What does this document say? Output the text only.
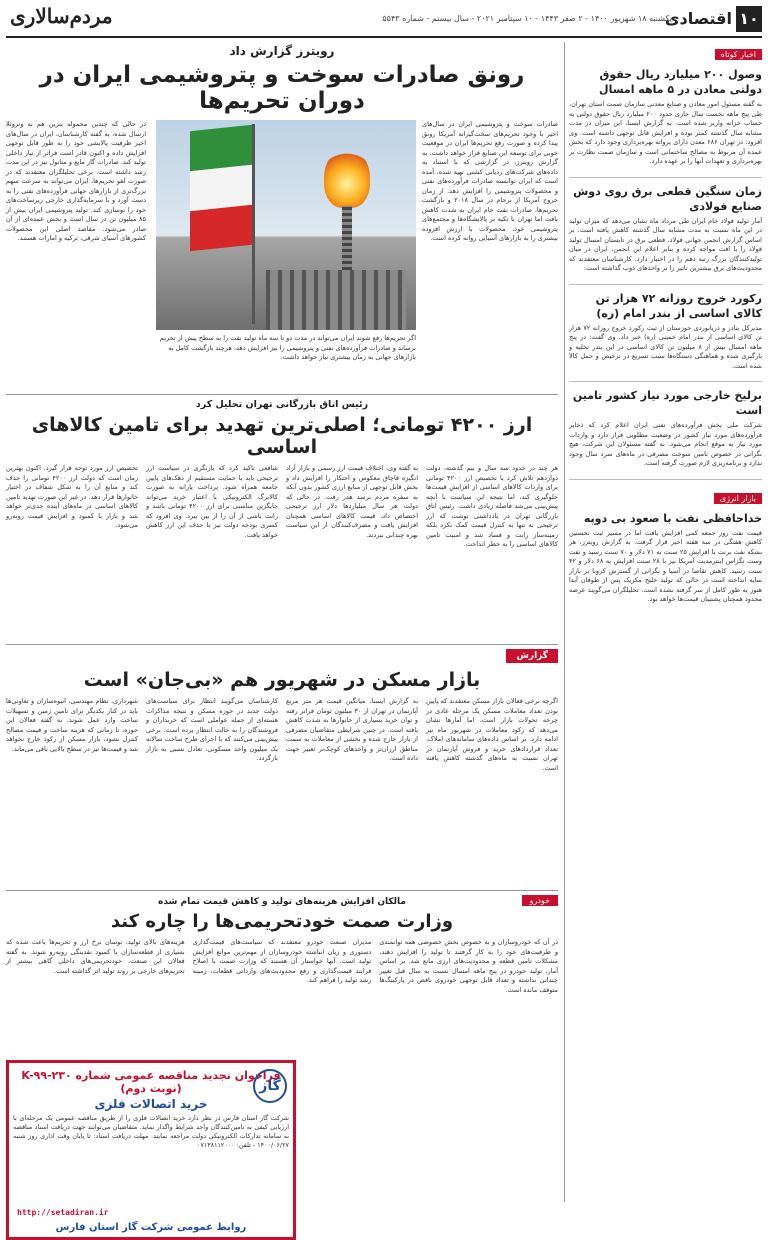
۱۰
اقتصادی
یکشنبه ۱۸ شهریور ۱۴۰۰ - ۲ صفر ۱۴۴۳ - ۱۰ سپتامبر ۲۰۲۱ - سال بیستم - شماره ۵۵۴۳
مردم‌سالاری
اخبار کوتاه
وصول ۲۰۰ میلیارد ریال حقوق دولتی معادن در ۵ ماهه امسال
به گفته مسئول امور معادن و صنایع معدنی سازمان صمت استان تهران، طی پنج ماهه نخست سال جاری حدود ۲۰۰ میلیارد ریال حقوق دولتی به حساب خزانه واریز شده است. به گزارش ایسنا، این میزان در مدت مشابه سال گذشته کمتر بوده و افزایش قابل توجهی داشته است. وی افزود: در تهران ۶۸۶ معدن دارای پروانه بهره‌برداری وجود دارد که بخش عمده آن مربوط به مصالح ساختمانی است و سازمان صمت نظارت بر بهره‌برداری و تعهدات آنها را بر عهده دارد.
زمان سنگین قطعی برق روی دوش صنایع فولادی
آمار تولید فولاد خام ایران طی مرداد ماه نشان می‌دهد که میزان تولید در این ماه نسبت به مدت مشابه سال گذشته کاهش یافته است. بر اساس گزارش انجمن جهانی فولاد، قطعی برق در تابستان امسال تولید فولاد را با افت مواجه کرده و بنابر اعلام این انجمن، ایران در میان تولیدکنندگان بزرگ رتبه دهم را در اختیار دارد. کارشناسان معتقدند که محدودیت‌های برق بیشترین تاثیر را بر واحدهای ذوب گذاشته است.
رکورد خروج روزانه ۷۲ هزار تن کالای اساسی از بندر امام (ره)
مدیرکل بنادر و دریانوردی خوزستان از ثبت رکورد خروج روزانه ۷۲ هزار تن کالای اساسی از بندر امام خمینی (ره) خبر داد. وی گفت: در پنج ماهه امسال بیش از ۸ میلیون تن کالای اساسی در این بندر تخلیه و بارگیری شده و هماهنگی دستگاه‌ها سبب تسریع در ترخیص و حمل کالا شده است.
برلیخ خارجی مورد نیاز کشور تامین است
شرکت ملی پخش فرآورده‌های نفتی ایران اعلام کرد که ذخایر فرآورده‌های مورد نیاز کشور در وضعیت مطلوبی قرار دارد و واردات مورد نیاز به موقع انجام می‌شود. به گفته مسئولان این شرکت، هیچ نگرانی در خصوص تامین سوخت مصرفی در ماه‌های سرد سال وجود ندارد و برنامه‌ریزی لازم صورت گرفته است.
بازار انرژی
خداحافظی نفت با صعود بی دوپه
قیمت نفت روز جمعه کمی افزایش یافت اما در مسیر ثبت نخستین کاهش هفتگی در سه هفته اخیر قرار گرفت. به گزارش رویترز، هر بشکه نفت برنت با افزایش ۲۵ سنت به ۷۱ دلار و ۷۰ سنت رسید و نفت وست تگزاس اینترمدیت آمریکا نیز با ۲۸ سنت افزایش به ۶۸ دلار و ۴۲ سنت رسید. کاهش تقاضا در آسیا و نگرانی از گسترش کرونا بر بازار سایه انداخته است در حالی که تولید خلیج مکزیک پس از طوفان آیدا هنوز به طور کامل از سر گرفته نشده است. تحلیلگران می‌گویند عرضه محدود همچنان پشتیبان قیمت‌ها خواهد بود.
رویترز گزارش داد
رونق صادرات سوخت و پتروشیمی ایران در دوران تحریم‌ها
صادرات سوخت و پتروشیمی ایران در سال‌های اخیر با وجود تحریم‌های سخت‌گیرانه آمریکا رونق پیدا کرده و صورت رفع تحریم‌ها ایران در موقعیت خوبی برای توسعه این صنایع قرار خواهد داشت. به گزارش رویترز، در گزارشی که با استناد به داده‌های شرکت‌های ردیابی کشتی تهیه شده، آمده است که ایران توانسته صادرات فرآورده‌های نفتی و محصولات پتروشیمی را افزایش دهد. از زمان خروج آمریکا از برجام در سال ۲۰۱۸ و بازگشت تحریم‌ها، صادرات نفت خام ایران به شدت کاهش یافت اما تهران با تکیه بر پالایشگاه‌ها و مجتمع‌های پتروشیمی خود، محصولات با ارزش افزوده بیشتری را به بازارهای آسیایی روانه کرده است.
اگر تحریم‌ها رفع شوند ایران می‌تواند در مدت دو تا سه ماه تولید نفت را به سطح پیش از تحریم برساند و صادرات فرآورده‌های نفتی و پتروشیمی را نیز افزایش دهد، هرچند بازگشت کامل به بازارهای جهانی به زمان بیشتری نیاز خواهد داشت.
در حالی که چندین محموله بنزین هم به ونزوئلا ارسال شده، به گفته کارشناسان، ایران در سال‌های اخیر ظرفیت پالایشی خود را به طور قابل توجهی افزایش داده و اکنون قادر است فراتر از نیاز داخلی تولید کند. صادرات گاز مایع و متانول نیز در این مدت رشد داشته است. برخی تحلیلگران معتقدند که در صورت لغو تحریم‌ها، ایران می‌تواند به سرعت سهم بزرگ‌تری از بازارهای جهانی فرآورده‌های نفتی را به دست آورد و با سرمایه‌گذاری خارجی زیرساخت‌های خود را نوسازی کند. تولید پتروشیمی ایران بیش از ۸۵ میلیون تن در سال است و بخش عمده‌ای از آن صادر می‌شود. مقاصد اصلی این محصولات کشورهای آسیای شرقی، ترکیه و امارات هستند.
رئیس اتاق بازرگانی تهران تحلیل کرد
ارز ۴۲۰۰ تومانی؛ اصلی‌ترین تهدید برای تامین کالاهای اساسی
هر چند در حدود سه سال و نیم گذشته، دولت دوازدهم تلاش کرد با تخصیص ارز ۴۲۰۰ تومانی برای واردات کالاهای اساسی از افزایش قیمت‌ها جلوگیری کند، اما نتیجه این سیاست با آنچه پیش‌بینی می‌شد فاصله زیادی داشت. رئیس اتاق بازرگانی تهران در یادداشتی نوشت که ارز ترجیحی نه تنها به کنترل قیمت کمک نکرد بلکه زمینه‌ساز رانت و فساد شد و امنیت تامین کالاهای اساسی را به خطر انداخت.
به گفته وی، اختلاف قیمت ارز رسمی و بازار آزاد انگیزه قاچاق معکوس و احتکار را افزایش داد و بخش قابل توجهی از منابع ارزی کشور بدون آنکه به سفره مردم برسد هدر رفت. در حالی که دولت هر سال میلیاردها دلار ارز ترجیحی اختصاص داد، قیمت کالاهای اساسی همچنان افزایش یافت و مصرف‌کنندگان از این سیاست بهره چندانی نبردند.
شافعی تاکید کرد که بازنگری در سیاست ارز ترجیحی باید با حمایت مستقیم از دهک‌های پایین جامعه همراه شود. پرداخت یارانه به صورت کالابرگ الکترونیکی یا اعتبار خرید می‌تواند جایگزین مناسبی برای ارز ۴۲۰۰ تومانی باشد و رانت ناشی از آن را از بین ببرد. وی افزود که کسری بودجه دولت نیز با حذف این ارز کاهش خواهد یافت.
تخصیص ارز مورد توجه قرار گیرد. اکنون بهترین زمان است که دولت ارز ۴۲۰۰ تومانی را حذف کند و منابع آن را به شکل شفاف در اختیار خانوارها قرار دهد. در غیر این صورت تهدید تامین کالاهای اساسی در ماه‌های آینده جدی‌تر خواهد شد و بازار با کمبود و افزایش قیمت روبه‌رو می‌شود.
گزارش
بازار مسکن در شهریور هم «بی‌جان» است
اگرچه برخی فعالان بازار مسکن معتقدند که پایین بودن تعداد معاملات مسکن یک مرحله عادی در چرخه تحولات بازار است، اما آمارها نشان می‌دهد که رکود معاملات در شهریور ماه نیز ادامه دارد. بر اساس داده‌های سامانه‌های املاک، تعداد قراردادهای خرید و فروش آپارتمان در تهران نسبت به ماه‌های گذشته کاهش یافته است.
به گزارش ایسنا، میانگین قیمت هر متر مربع آپارتمان در تهران از ۳۰ میلیون تومان فراتر رفته و توان خرید بسیاری از خانوارها به شدت کاهش یافته است. در چنین شرایطی متقاضیان مصرفی از بازار خارج شده و بخشی از معاملات به سمت مناطق ارزان‌تر و واحدهای کوچک‌تر تغییر جهت داده است.
کارشناسان می‌گویند انتظار برای سیاست‌های دولت جدید در حوزه مسکن و نتیجه مذاکرات هسته‌ای از جمله عواملی است که خریداران و فروشندگان را به حالت انتظار برده است. برخی پیش‌بینی می‌کنند که با اجرای طرح ساخت سالانه یک میلیون واحد مسکونی، تعادل نسبی به بازار بازگردد.
شهرداری، نظام مهندسی، انبوه‌سازان و تعاونی‌ها باید در کنار یکدیگر برای تامین زمین و تسهیلات ساخت وارد عمل شوند. به گفته فعالان این حوزه، تا زمانی که هزینه ساخت و قیمت مصالح کنترل نشود، بازار مسکن از رکود خارج نخواهد شد و قیمت‌ها نیز در سطح بالایی باقی می‌ماند.
خودرو
مالکان افزایش هزینه‌های تولید و کاهش قیمت تمام شده
وزارت صمت خودتحریمی‌ها را چاره کند
در آن که خودروسازان و به خصوص بخش خصوصی همه توانمندی و ظرفیت‌های خود را به کار گرفتند تا تولید را افزایش دهند، مشکلات تامین قطعه و محدودیت‌های ارزی مانع شد. بر اساس آمار، تولید خودرو در پنج ماهه امسال نسبت به سال قبل تغییر چندانی نداشته و تعداد قابل توجهی خودروی ناقص در پارکینگ‌ها متوقف مانده است.
مدیران صنعت خودرو معتقدند که سیاست‌های قیمت‌گذاری دستوری و زیان انباشته خودروسازان از مهم‌ترین موانع افزایش تولید است. آنها خواستار آن هستند که وزارت صمت با اصلاح فرایند قیمت‌گذاری و رفع محدودیت‌های وارداتی قطعات، زمینه رشد تولید را فراهم کند.
هزینه‌های بالای تولید، نوسان نرخ ارز و تحریم‌ها باعث شده که بسیاری از قطعه‌سازان با کمبود نقدینگی روبه‌رو شوند. به گفته فعالان این صنعت، خودتحریمی‌های داخلی گاهی بیشتر از تحریم‌های خارجی بر روند تولید اثر گذاشته است.
گاز
فراخوان تجدید مناقصه عمومی شماره K-۹۹-۲۳۰ (نوبت دوم)
خرید اتصالات فلزی
شرکت گاز استان فارس در نظر دارد خرید اتصالات فلزی را از طریق مناقصه عمومی یک مرحله‌ای با ارزیابی کیفی به تامین‌کنندگان واجد شرایط واگذار نماید. متقاضیان می‌توانند جهت دریافت اسناد مناقصه به سامانه تدارکات الکترونیکی دولت مراجعه نمایند. مهلت دریافت اسناد: تا پایان وقت اداری روز شنبه ۱۴۰۰/۰۶/۲۷ - تلفن: ۰۷۱۳۸۱۱۲۰۰۰
http://setadiran.ir
روابط عمومی شرکت گاز استان فارس
